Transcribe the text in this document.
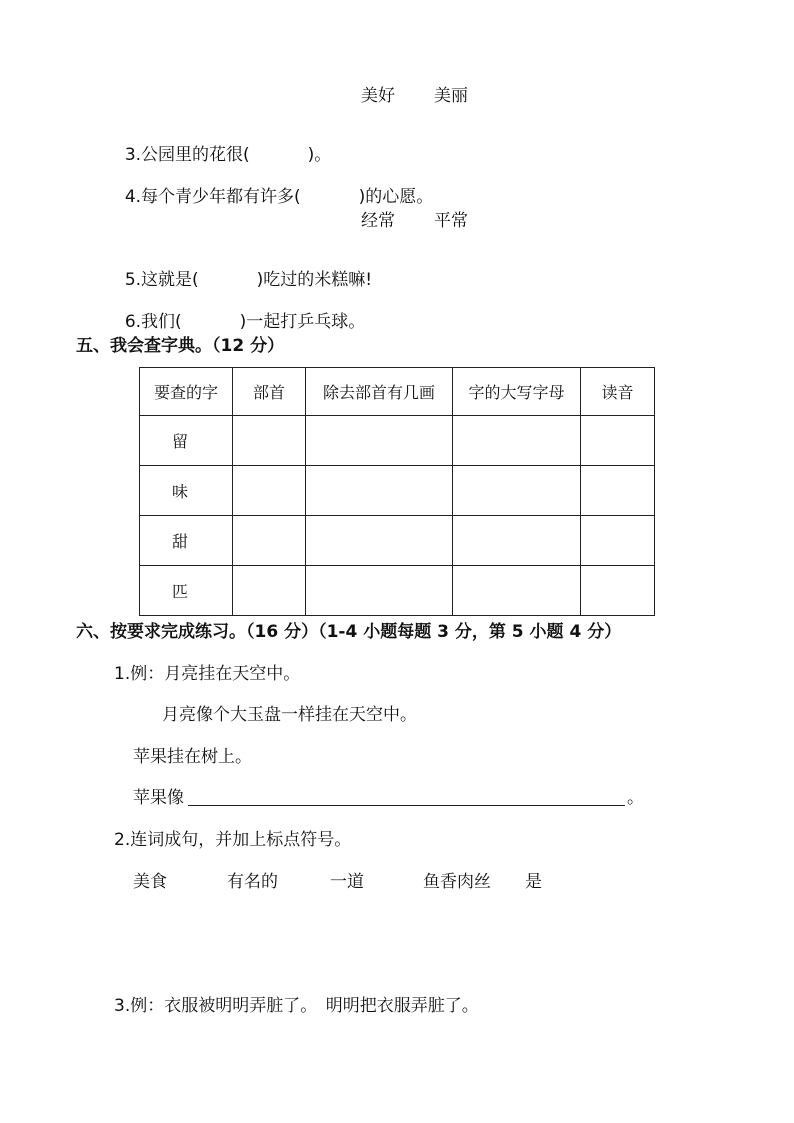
美好 美丽

3.公园里的花很(	)。

4.每个青少年都有许多(	)的心愿。

经常 平常

5.这就是(	)吃过的米糕嘛!

6.我们(	)一起打乒乓球。

五、我会查字典。（12 分）
要查的字	部首	除去部首有几画	字的大写字母	读音
留				
味				
甜				
匹				
六、按要求完成练习。（16 分）（1-4 小题每题 3 分，第 5 小题 4 分）
1.例：月亮挂在天空中。
月亮像个大玉盘一样挂在天空中。
苹果挂在树上。
苹果像	。
2.连词成句，并加上标点符号。
美食	有名的	一道	鱼香肉丝 是
3.例：衣服被明明弄脏了。　明明把衣服弄脏了。
